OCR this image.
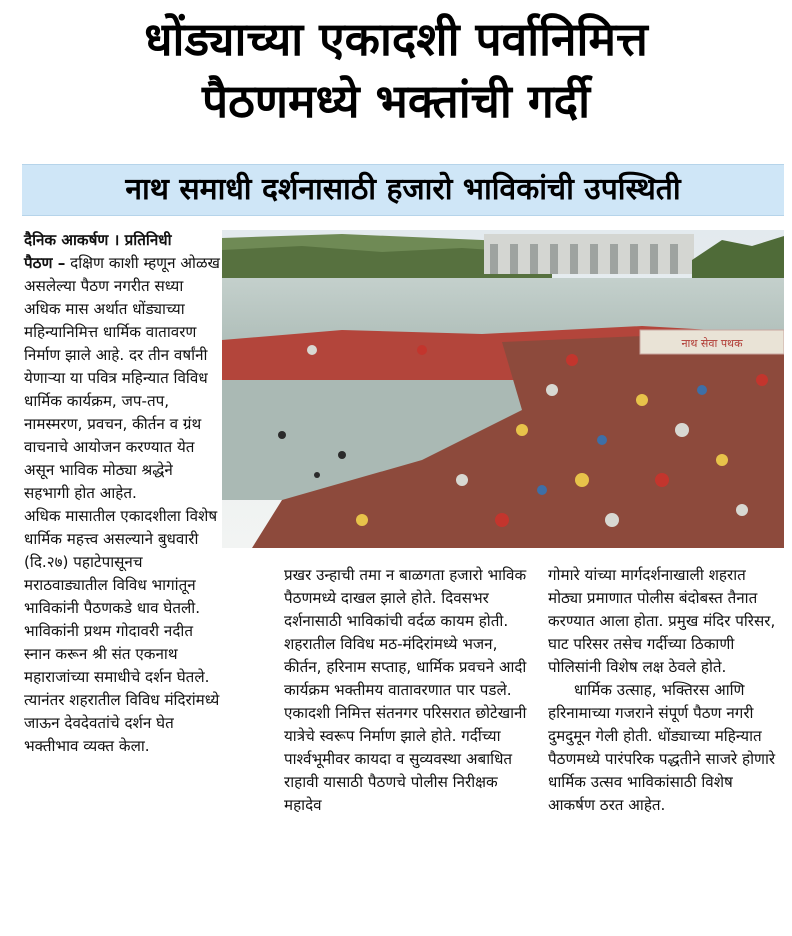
धोंड्याच्या एकादशी पर्वानिमित्त
पैठणमध्ये भक्तांची गर्दी
नाथ समाधी दर्शनासाठी हजारो भाविकांची उपस्थिती

दैनिक आकर्षण । प्रतिनिधी
पैठण – दक्षिण काशी म्हणून ओळख असलेल्या पैठण नगरीत सध्या अधिक मास अर्थात धोंड्याच्या महिन्यानिमित्त धार्मिक वातावरण निर्माण झाले आहे. दर तीन वर्षांनी येणाऱ्या या पवित्र महिन्यात विविध धार्मिक कार्यक्रम, जप-तप, नामस्मरण, प्रवचन, कीर्तन व ग्रंथ वाचनाचे आयोजन करण्यात येत असून भाविक मोठ्या श्रद्धेने सहभागी होत आहेत.

अधिक मासातील एकादशीला विशेष धार्मिक महत्त्व असल्याने बुधवारी (दि.२७) पहाटेपासूनच मराठवाड्यातील विविध भागांतून भाविकांनी पैठणकडे धाव घेतली. भाविकांनी प्रथम गोदावरी नदीत स्नान करून श्री संत एकनाथ महाराजांच्या समाधीचे दर्शन घेतले. त्यानंतर शहरातील विविध मंदिरांमध्ये जाऊन देवदेवतांचे दर्शन घेत भक्तीभाव व्यक्त केला.

नाथ सेवा पथक

प्रखर उन्हाची तमा न बाळगता हजारो भाविक पैठणमध्ये दाखल झाले होते. दिवसभर दर्शनासाठी भाविकांची वर्दळ कायम होती. शहरातील विविध मठ-मंदिरांमध्ये भजन, कीर्तन, हरिनाम सप्ताह, धार्मिक प्रवचने आदी कार्यक्रम भक्तीमय वातावरणात पार पडले. एकादशी निमित्त संतनगर परिसरात छोटेखानी यात्रेचे स्वरूप निर्माण झाले होते. गर्दीच्या पार्श्वभूमीवर कायदा व सुव्यवस्था अबाधित राहावी यासाठी पैठणचे पोलीस निरीक्षक महादेव

गोमारे यांच्या मार्गदर्शनाखाली शहरात मोठ्या प्रमाणात पोलीस बंदोबस्त तैनात करण्यात आला होता. प्रमुख मंदिर परिसर, घाट परिसर तसेच गर्दीच्या ठिकाणी पोलिसांनी विशेष लक्ष ठेवले होते.

धार्मिक उत्साह, भक्तिरस आणि हरिनामाच्या गजराने संपूर्ण पैठण नगरी दुमदुमून गेली होती. धोंड्याच्या महिन्यात पैठणमध्ये पारंपरिक पद्धतीने साजरे होणारे धार्मिक उत्सव भाविकांसाठी विशेष आकर्षण ठरत आहेत.
